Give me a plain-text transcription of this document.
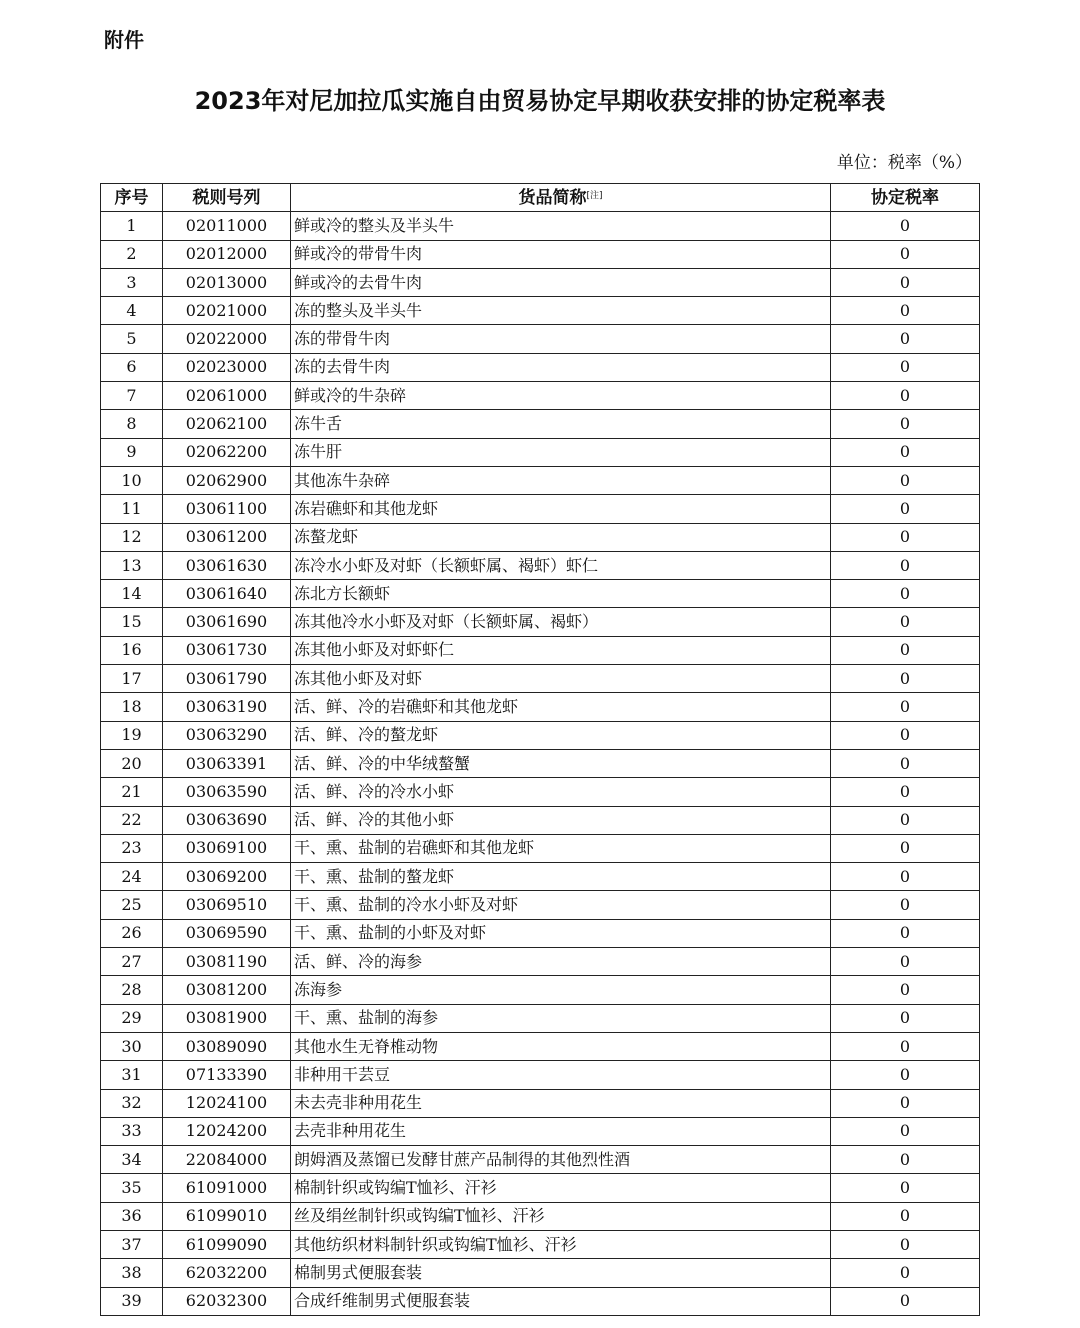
附件
2023年对尼加拉瓜实施自由贸易协定早期收获安排的协定税率表
单位：税率（%）
序号	税则号列	货品简称[注]	协定税率
1	02011000	鲜或冷的整头及半头牛	0
2	02012000	鲜或冷的带骨牛肉	0
3	02013000	鲜或冷的去骨牛肉	0
4	02021000	冻的整头及半头牛	0
5	02022000	冻的带骨牛肉	0
6	02023000	冻的去骨牛肉	0
7	02061000	鲜或冷的牛杂碎	0
8	02062100	冻牛舌	0
9	02062200	冻牛肝	0
10	02062900	其他冻牛杂碎	0
11	03061100	冻岩礁虾和其他龙虾	0
12	03061200	冻螯龙虾	0
13	03061630	冻冷水小虾及对虾（长额虾属、褐虾）虾仁	0
14	03061640	冻北方长额虾	0
15	03061690	冻其他冷水小虾及对虾（长额虾属、褐虾）	0
16	03061730	冻其他小虾及对虾虾仁	0
17	03061790	冻其他小虾及对虾	0
18	03063190	活、鲜、冷的岩礁虾和其他龙虾	0
19	03063290	活、鲜、冷的螯龙虾	0
20	03063391	活、鲜、冷的中华绒螯蟹	0
21	03063590	活、鲜、冷的冷水小虾	0
22	03063690	活、鲜、冷的其他小虾	0
23	03069100	干、熏、盐制的岩礁虾和其他龙虾	0
24	03069200	干、熏、盐制的螯龙虾	0
25	03069510	干、熏、盐制的冷水小虾及对虾	0
26	03069590	干、熏、盐制的小虾及对虾	0
27	03081190	活、鲜、冷的海参	0
28	03081200	冻海参	0
29	03081900	干、熏、盐制的海参	0
30	03089090	其他水生无脊椎动物	0
31	07133390	非种用干芸豆	0
32	12024100	未去壳非种用花生	0
33	12024200	去壳非种用花生	0
34	22084000	朗姆酒及蒸馏已发酵甘蔗产品制得的其他烈性酒	0
35	61091000	棉制针织或钩编T恤衫、汗衫	0
36	61099010	丝及绢丝制针织或钩编T恤衫、汗衫	0
37	61099090	其他纺织材料制针织或钩编T恤衫、汗衫	0
38	62032200	棉制男式便服套装	0
39	62032300	合成纤维制男式便服套装	0
